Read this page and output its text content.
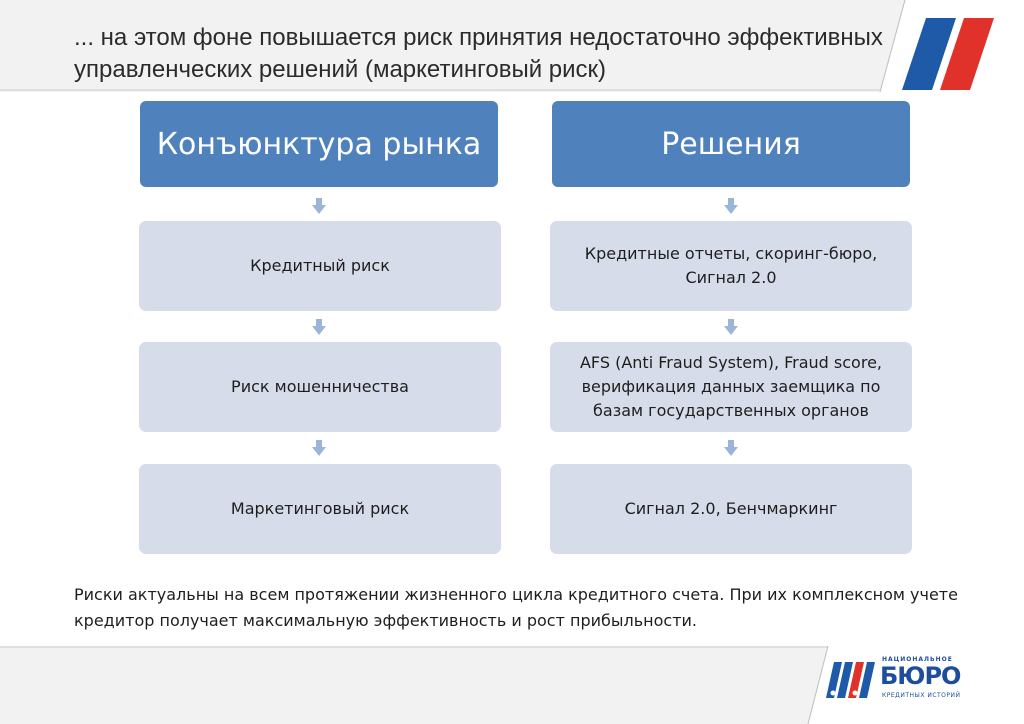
... на этом фоне повышается риск принятия недостаточно эффективных управленческих решений (маркетинговый риск)
Конъюнктура рынка
Кредитный риск
Риск мошенничества
Маркетинговый риск
Решения
Кредитные отчеты, скоринг-бюро, Сигнал 2.0
AFS (Anti Fraud System), Fraud score, верификация данных заемщика по базам государственных органов
Сигнал 2.0, Бенчмаркинг
Риски актуальны на всем протяжении жизненного цикла кредитного счета. При их комплексном учете кредитор получает максимальную эффективность и рост прибыльности.
НАЦИОНАЛЬНОЕ
БЮРО
КРЕДИТНЫХ ИСТОРИЙ
